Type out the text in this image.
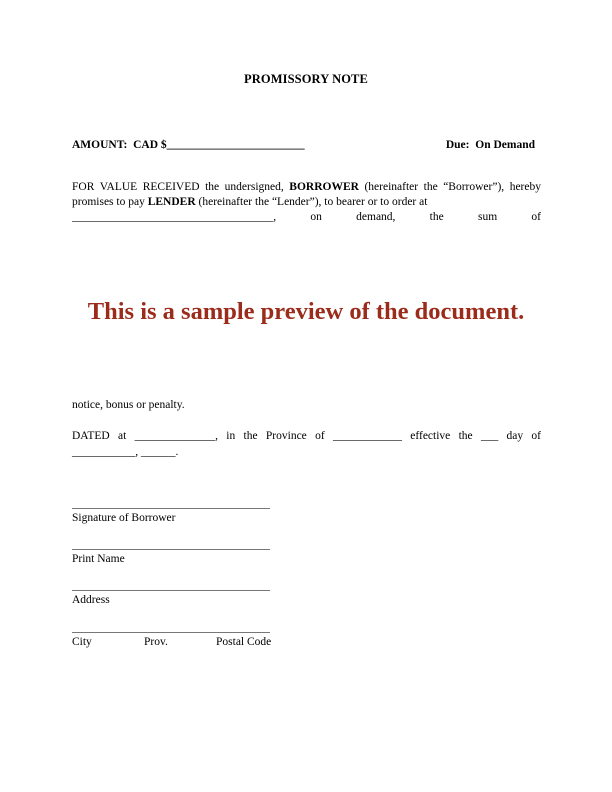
PROMISSORY NOTE
AMOUNT:  CAD $________________________	Due:  On Demand
FOR VALUE RECEIVED the undersigned, BORROWER (hereinafter the “Borrower”), hereby promises to pay LENDER (hereinafter the “Lender”), to bearer or to order at
___________________________________, on demand, the sum of
This is a sample preview of the document.
notice, bonus or penalty.
DATED at ______________, in the Province of ____________ effective the ___ day of ___________, ______.
Signature of Borrower
Print Name
Address
City	Prov.	Postal Code
